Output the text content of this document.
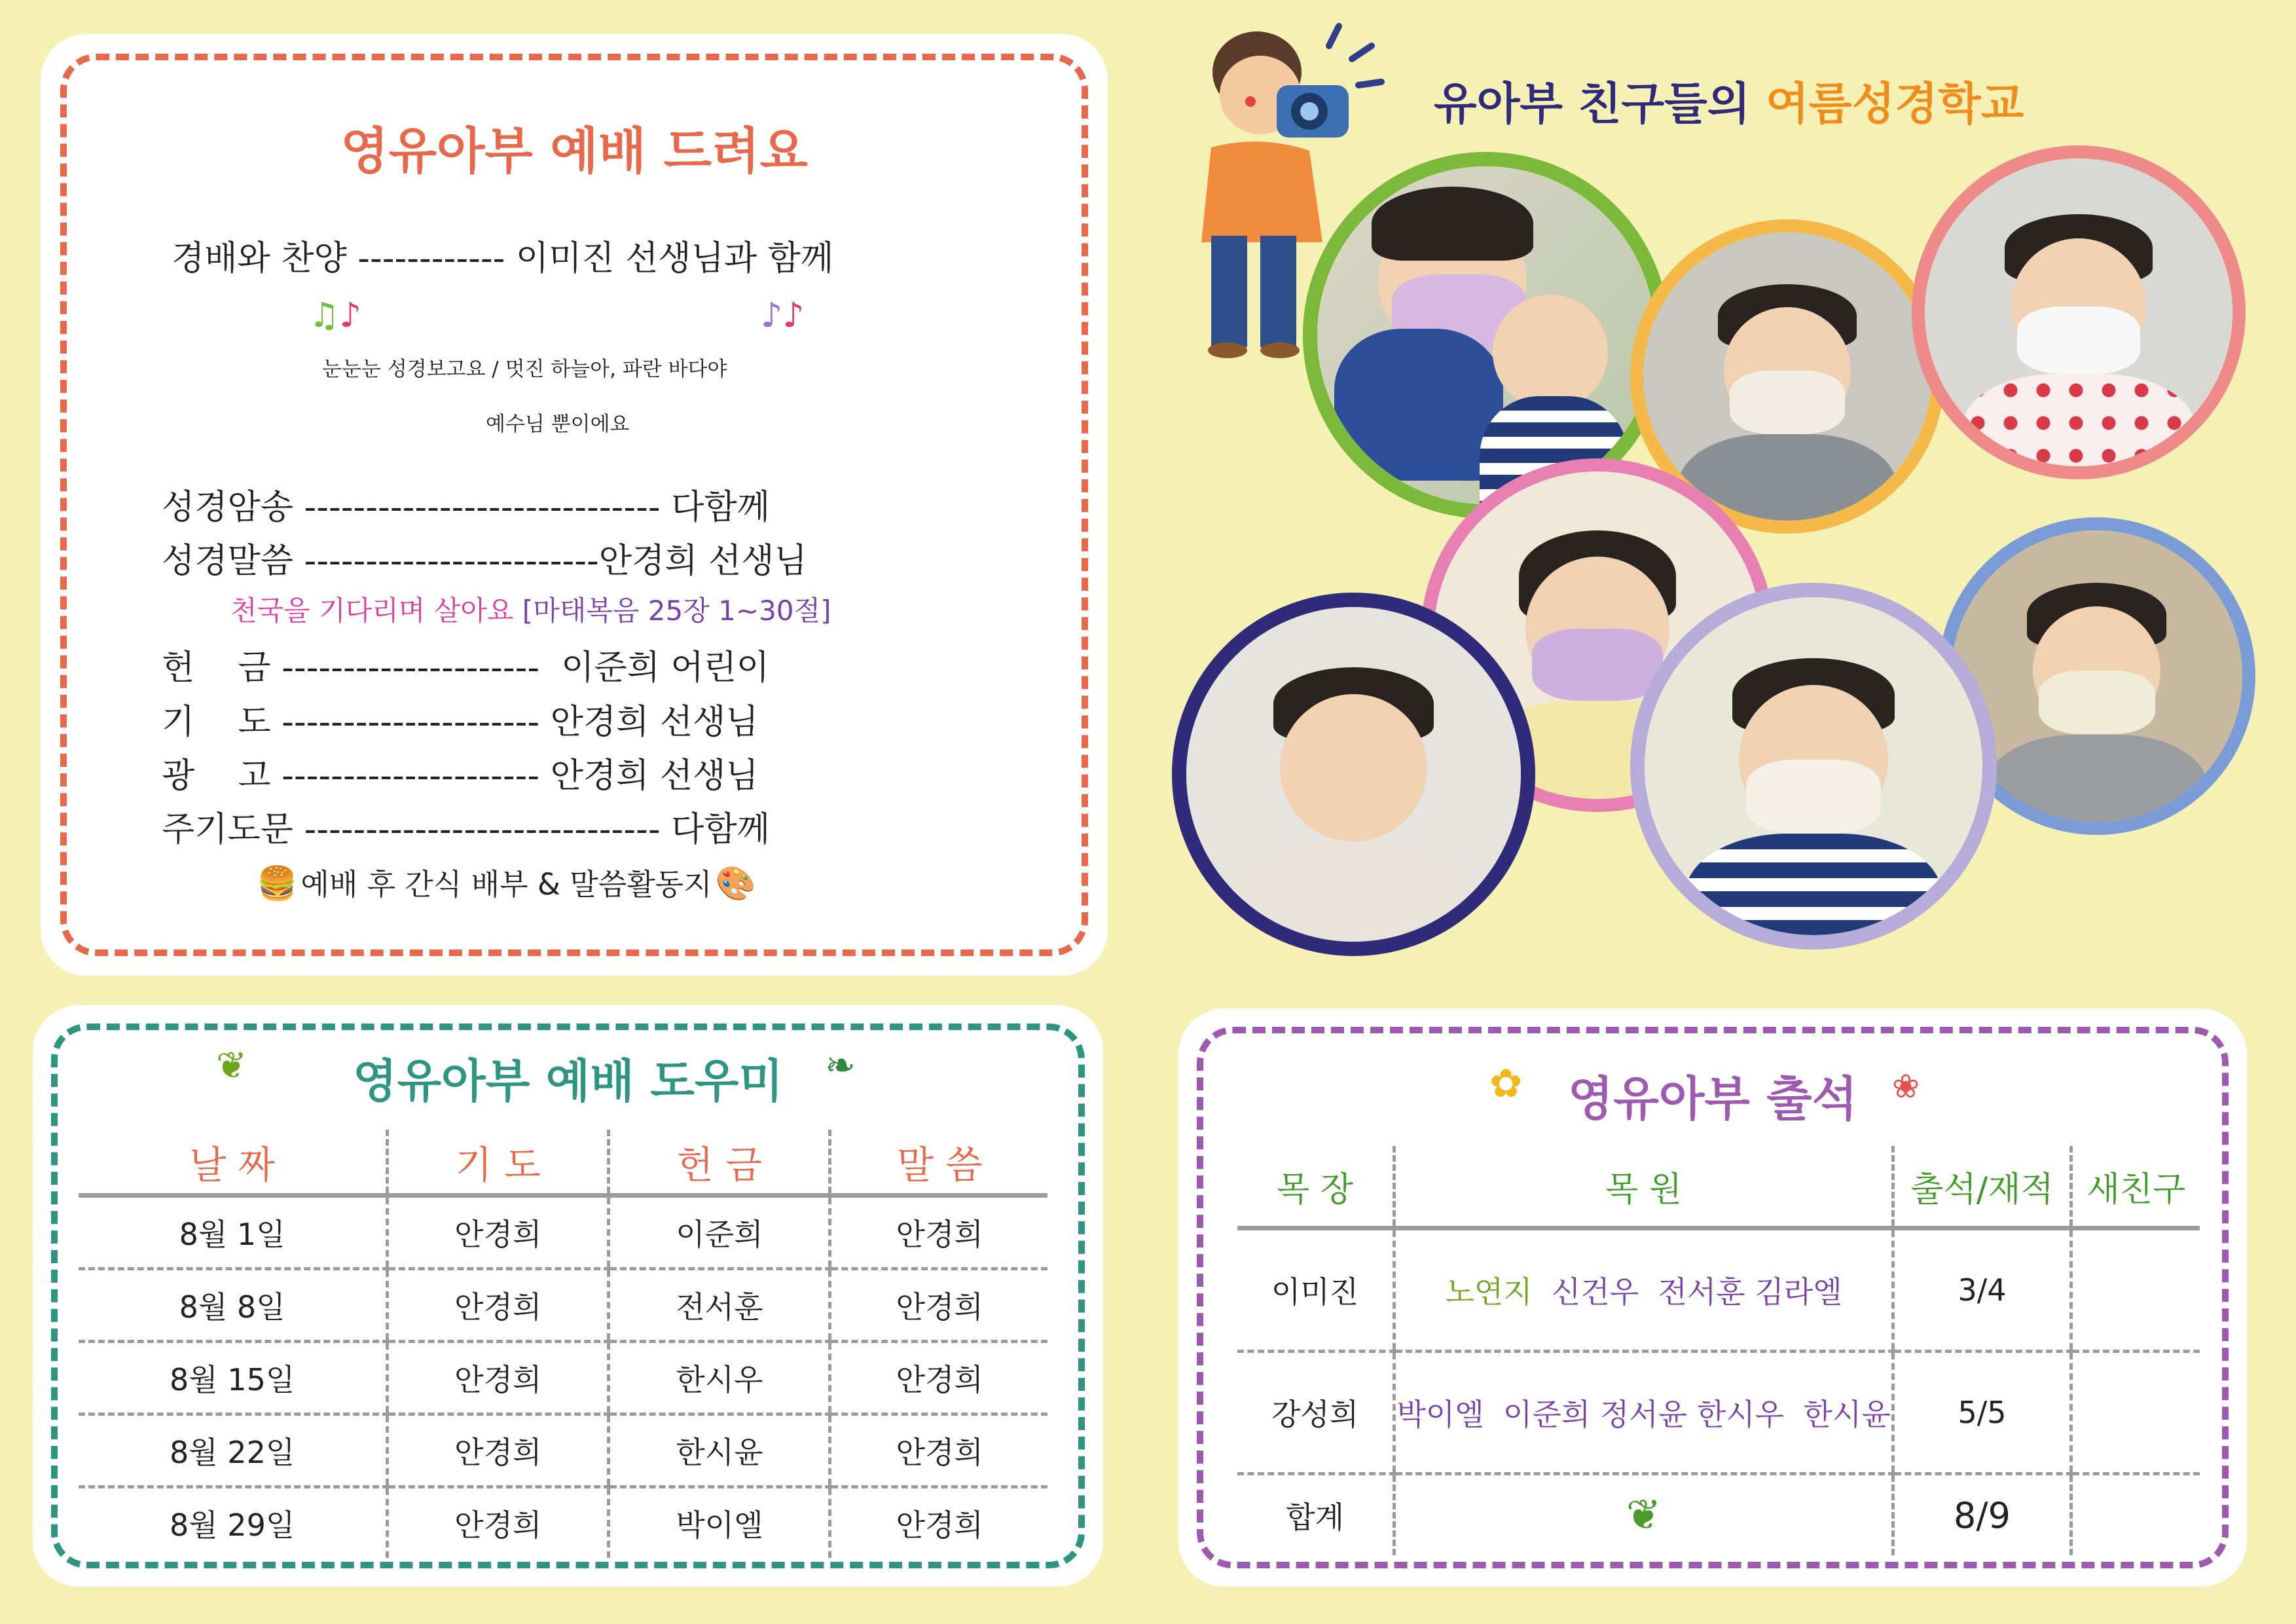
영유아부 예배 드려요
경배와 찬양 ------------ 이미진 선생님과 함께
♫♪	♪♪
눈눈눈 성경보고요 / 멋진 하늘아, 파란 바다야
예수님 뿐이에요
성경암송 ----------------------------- 다함께
성경말씀 ------------------------안경희 선생님
천국을 기다리며 살아요 [마태복음 25장 1~30절]
헌    금 --------------------- 이준희 어린이
기    도 --------------------- 안경희 선생님
광    고 --------------------- 안경희 선생님
주기도문 ----------------------------- 다함께
🍔 예배 후 간식 배부 & 말씀활동지 🎨
유아부 친구들의 여름성경학교
❦	❧
영유아부 예배 도우미
날 짜	기 도	헌 금	말 씀
8월 1일	안경희	이준희	안경희
8월 8일	안경희	전서훈	안경희
8월 15일	안경희	한시우	안경희
8월 22일	안경희	한시윤	안경희
8월 29일	안경희	박이엘	안경희
✿	❀
영유아부 출석
목 장	목 원	출석/재적	새친구
이미진	노연지 신건우 전서훈 김라엘	3/4	
강성희	박이엘 이준희 정서윤 한시우 한시윤	5/5	
합계	❦	8/9	
